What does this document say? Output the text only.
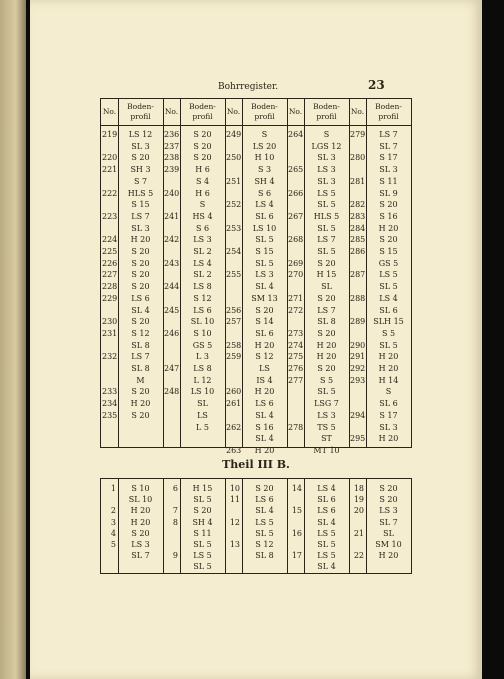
Bohrregister.	23
No.
Boden-
profil
219	LS 12
SL 3
220	S 20
221	SH 3
S 7
222	HLS 5
S 15
223	LS 7
SL 3
224	H 20
225	S 20
226	S 20
227	S 20
228	S 20
229	LS 6
SL 4
230	S 20
231	S 12
SL 8
232	LS 7
SL 8
M
233	S 20
234	H 20
235	S 20
No.
Boden-
profil
236	S 20
237	S 20
238	S 20
239	H 6
S 4
240	H 6
S
241	HS 4
S 6
242	LS 3
SL 2
243	LS 4
SL 2
244	LS 8
S 12
245	LS 6
SL 10
246	S 10
GS 5
L 3
247	LS 8
L 12
248	LS 10
SL
LS
L 5
No.
Boden-
profil
249	S
LS 20
250	H 10
S 3
251	SH 4
S 6
252	LS 4
SL 6
253	LS 10
SL 5
254	S 15
SL 5
255	LS 3
SL 4
SM 13
256	S 20
257	S 14
SL 6
258	H 20
259	S 12
LS
IS 4
260	H 20
261	LS 6
SL 4
262	S 16
SL 4
263	H 20
No.
Boden-
profil
264	S
LGS 12
SL 3
265	LS 3
SL 3
266	LS 5
SL 5
267	HLS 5
SL 5
268	LS 7
SL 5
269	S 20
270	H 15
SL
271	S 20
272	LS 7
SL 8
273	S 20
274	H 20
275	H 20
276	S 20
277	S 5
SL 5
LSG 7
LS 3
278	TS 5
ST
MT 10
No.
Boden-
profil
279	LS 7
SL 7
280	S 17
SL 3
281	S 11
SL 9
282	S 20
283	S 16
284	H 20
285	S 20
286	S 15
GS 5
287	LS 5
SL 5
288	LS 4
SL 6
289 SLH 15
S 5
290	SL 5
291	H 20
292	H 20
293	H 14
S
SL 6
294	S 17
SL 3
295	H 20
Theil III B.
1	S 10
SL 10
2	H 20
3	H 20
4	S 20
5	LS 3
SL 7
6	H 15
SL 5
7	S 20
8	SH 4
S 11
SL 5
9	LS 5
SL 5
10	S 20
11	LS 6
SL 4
12	LS 5
SL 5
13	S 12
SL 8
14	LS 4
SL 6
15	LS 6
SL 4
16	LS 5
SL 5
17	LS 5
SL 4
18	S 20
19	S 20
20	LS 3
SL 7
21	SL
SM 10
22	H 20
